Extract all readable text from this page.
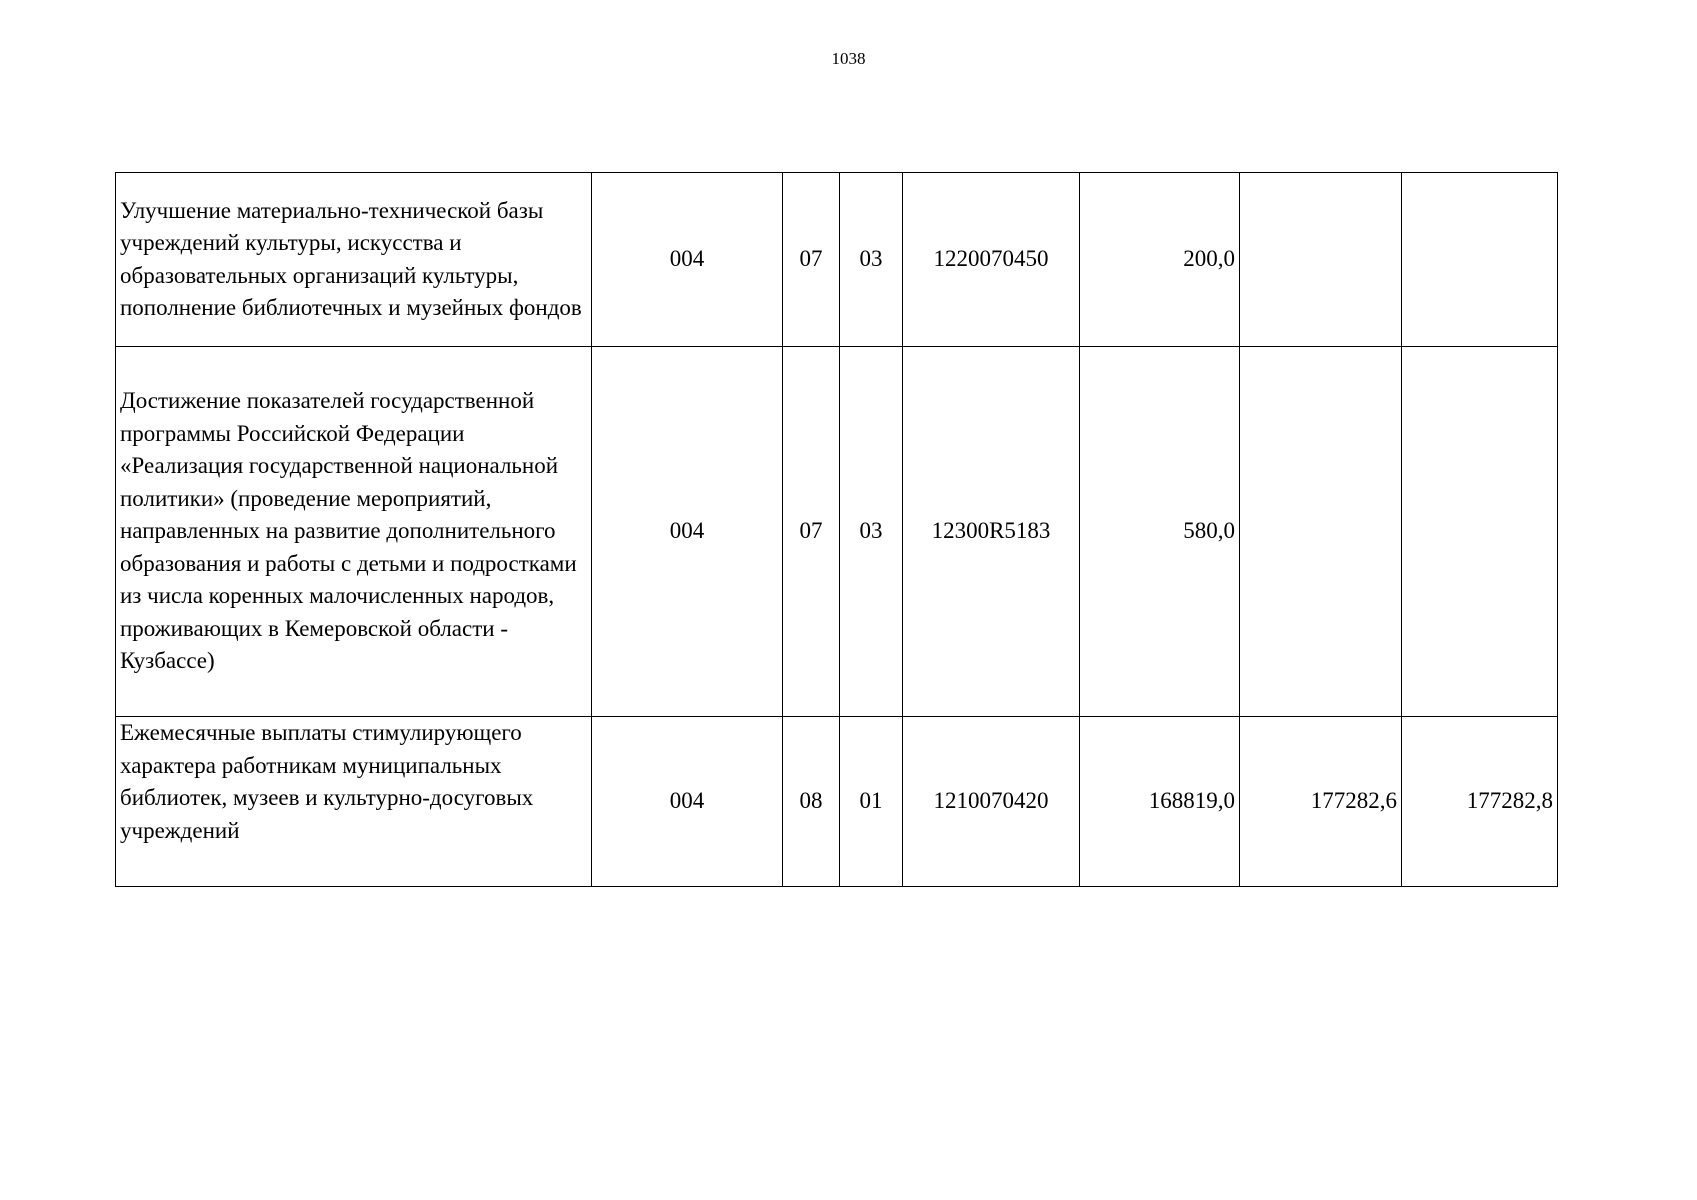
1038
Улучшение материально-технической базы учреждений культуры, искусства и образовательных организаций культуры, пополнение библиотечных и музейных фондов	004	07	03	1220070450	200,0		
Достижение показателей государственной программы Российской Федерации «Реализация государственной национальной политики» (проведение мероприятий, направленных на развитие дополнительного образования и работы с детьми и подростками из числа коренных малочисленных народов, проживающих в Кемеровской области - Кузбассе)	004	07	03	12300R5183	580,0		
Ежемесячные выплаты стимулирующего характера работникам муниципальных библиотек, музеев и культурно-досуговых учреждений	004	08	01	1210070420	168819,0	177282,6	177282,8
